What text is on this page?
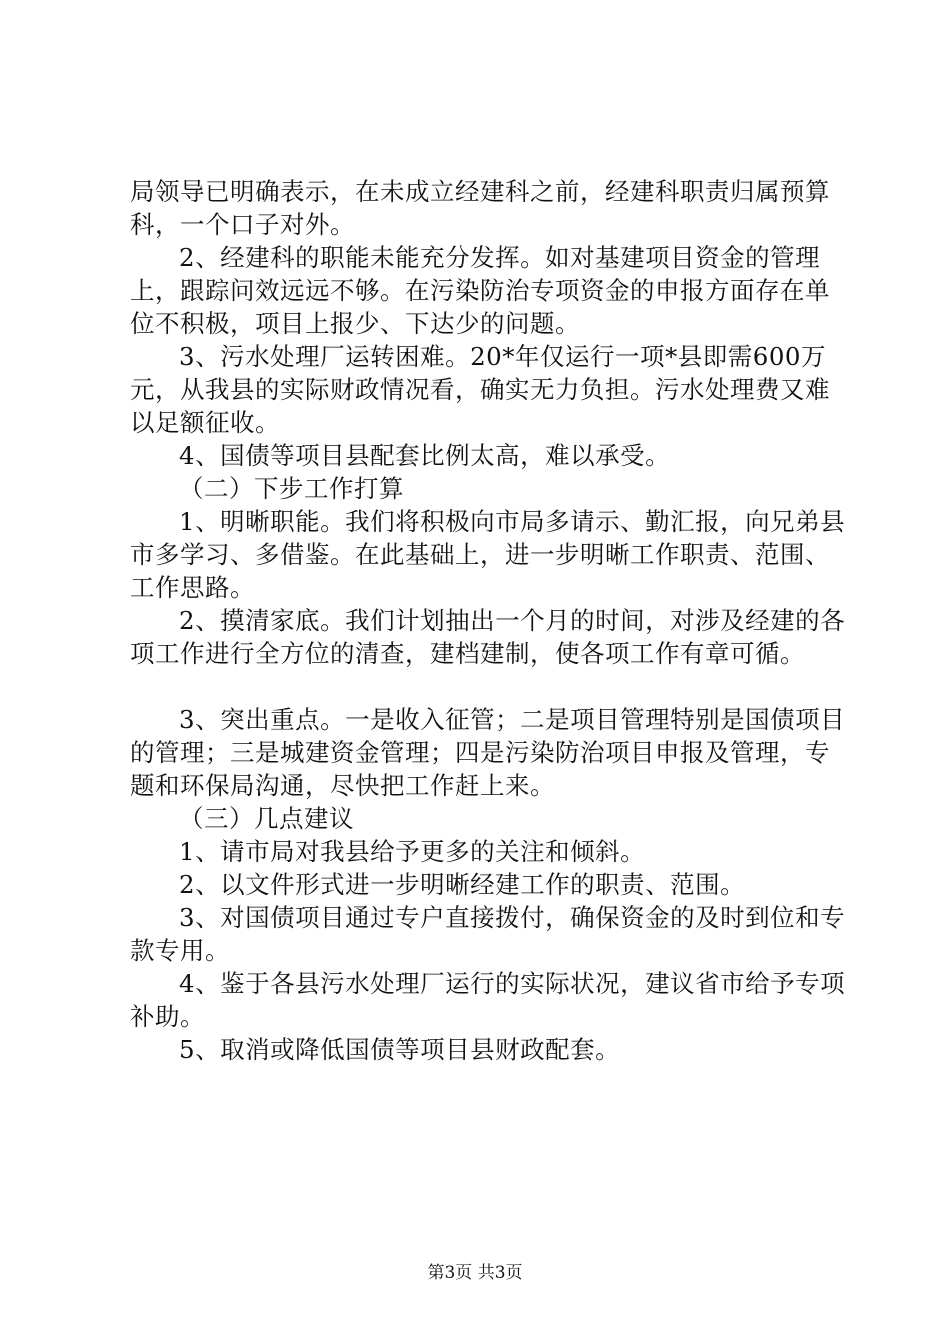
局领导已明确表示，在未成立经建科之前，经建科职责归属预算科，一个口子对外。

2、经建科的职能未能充分发挥。如对基建项目资金的管理上，跟踪问效远远不够。在污染防治专项资金的申报方面存在单位不积极，项目上报少、下达少的问题。

3、污水处理厂运转困难。20*年仅运行一项*县即需600万元，从我县的实际财政情况看，确实无力负担。污水处理费又难以足额征收。

4、国债等项目县配套比例太高，难以承受。

（二）下步工作打算

1、明晰职能。我们将积极向市局多请示、勤汇报，向兄弟县市多学习、多借鉴。在此基础上，进一步明晰工作职责、范围、工作思路。

2、摸清家底。我们计划抽出一个月的时间，对涉及经建的各项工作进行全方位的清查，建档建制，使各项工作有章可循。

3、突出重点。一是收入征管；二是项目管理特别是国债项目的管理；三是城建资金管理；四是污染防治项目申报及管理，专题和环保局沟通，尽快把工作赶上来。

（三）几点建议

1、请市局对我县给予更多的关注和倾斜。

2、以文件形式进一步明晰经建工作的职责、范围。

3、对国债项目通过专户直接拨付，确保资金的及时到位和专款专用。

4、鉴于各县污水处理厂运行的实际状况，建议省市给予专项补助。

5、取消或降低国债等项目县财政配套。

第3页 共3页
